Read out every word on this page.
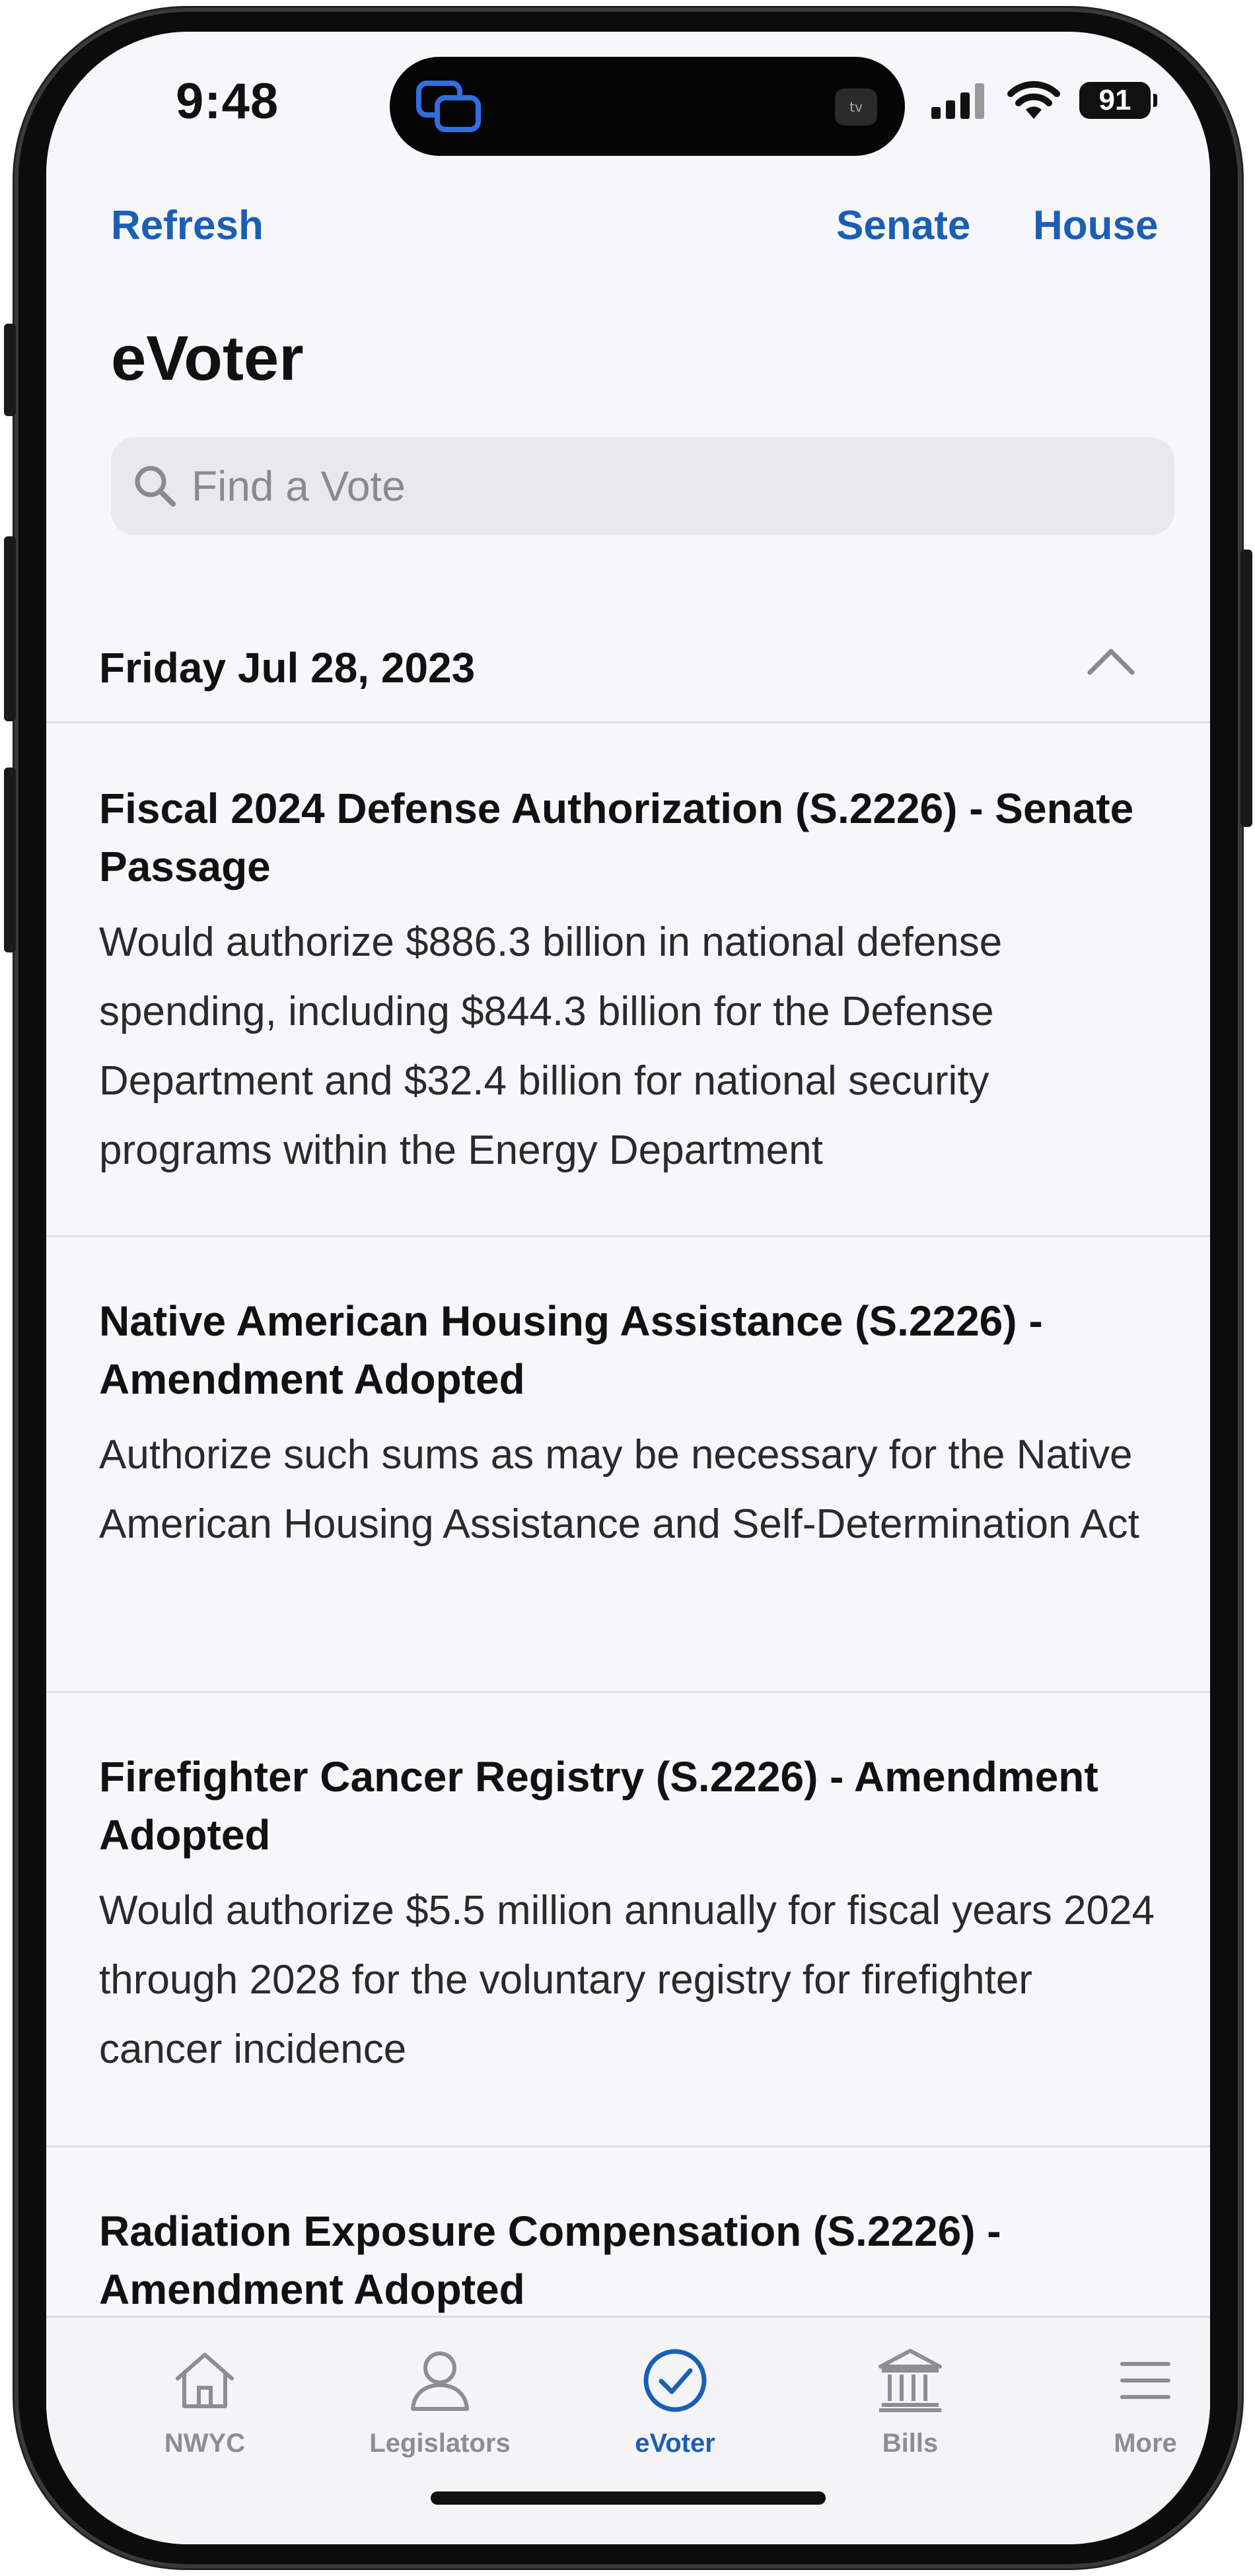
9:48	tv	91
Refresh	Senate House
eVoter
Find a Vote
Friday Jul 28, 2023
Fiscal 2024 Defense Authorization (S.2226) - Senate Passage
Would authorize $886.3 billion in national defense spending, including $844.3 billion for the Defense Department and $32.4 billion for national security programs within the Energy Department
Native American Housing Assistance (S.2226) - Amendment Adopted
Authorize such sums as may be necessary for the Native American Housing Assistance and Self-Determination Act
Firefighter Cancer Registry (S.2226) - Amendment Adopted
Would authorize $5.5 million annually for fiscal years 2024 through 2028 for the voluntary registry for firefighter cancer incidence
Radiation Exposure Compensation (S.2226) - Amendment Adopted
NWYC	Legislators	eVoter	Bills	More
